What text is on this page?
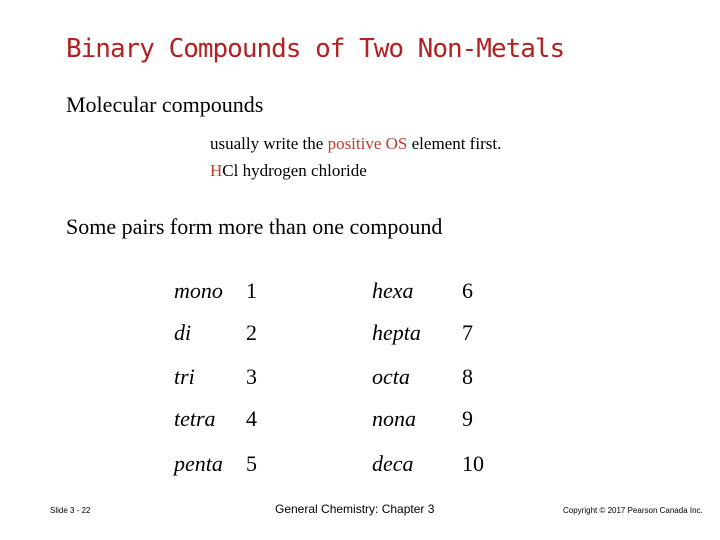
Binary Compounds of Two Non-Metals
Molecular compounds
usually write the positive OS element first.
HCl hydrogen chloride
Some pairs form more than one compound
mono 1
di 2
tri 3
tetra 4
penta 5
hexa 6
hepta 7
octa 8
nona 9
deca 10
Slide 3 - 22	General Chemistry: Chapter 3	Copyright © 2017 Pearson Canada Inc.
